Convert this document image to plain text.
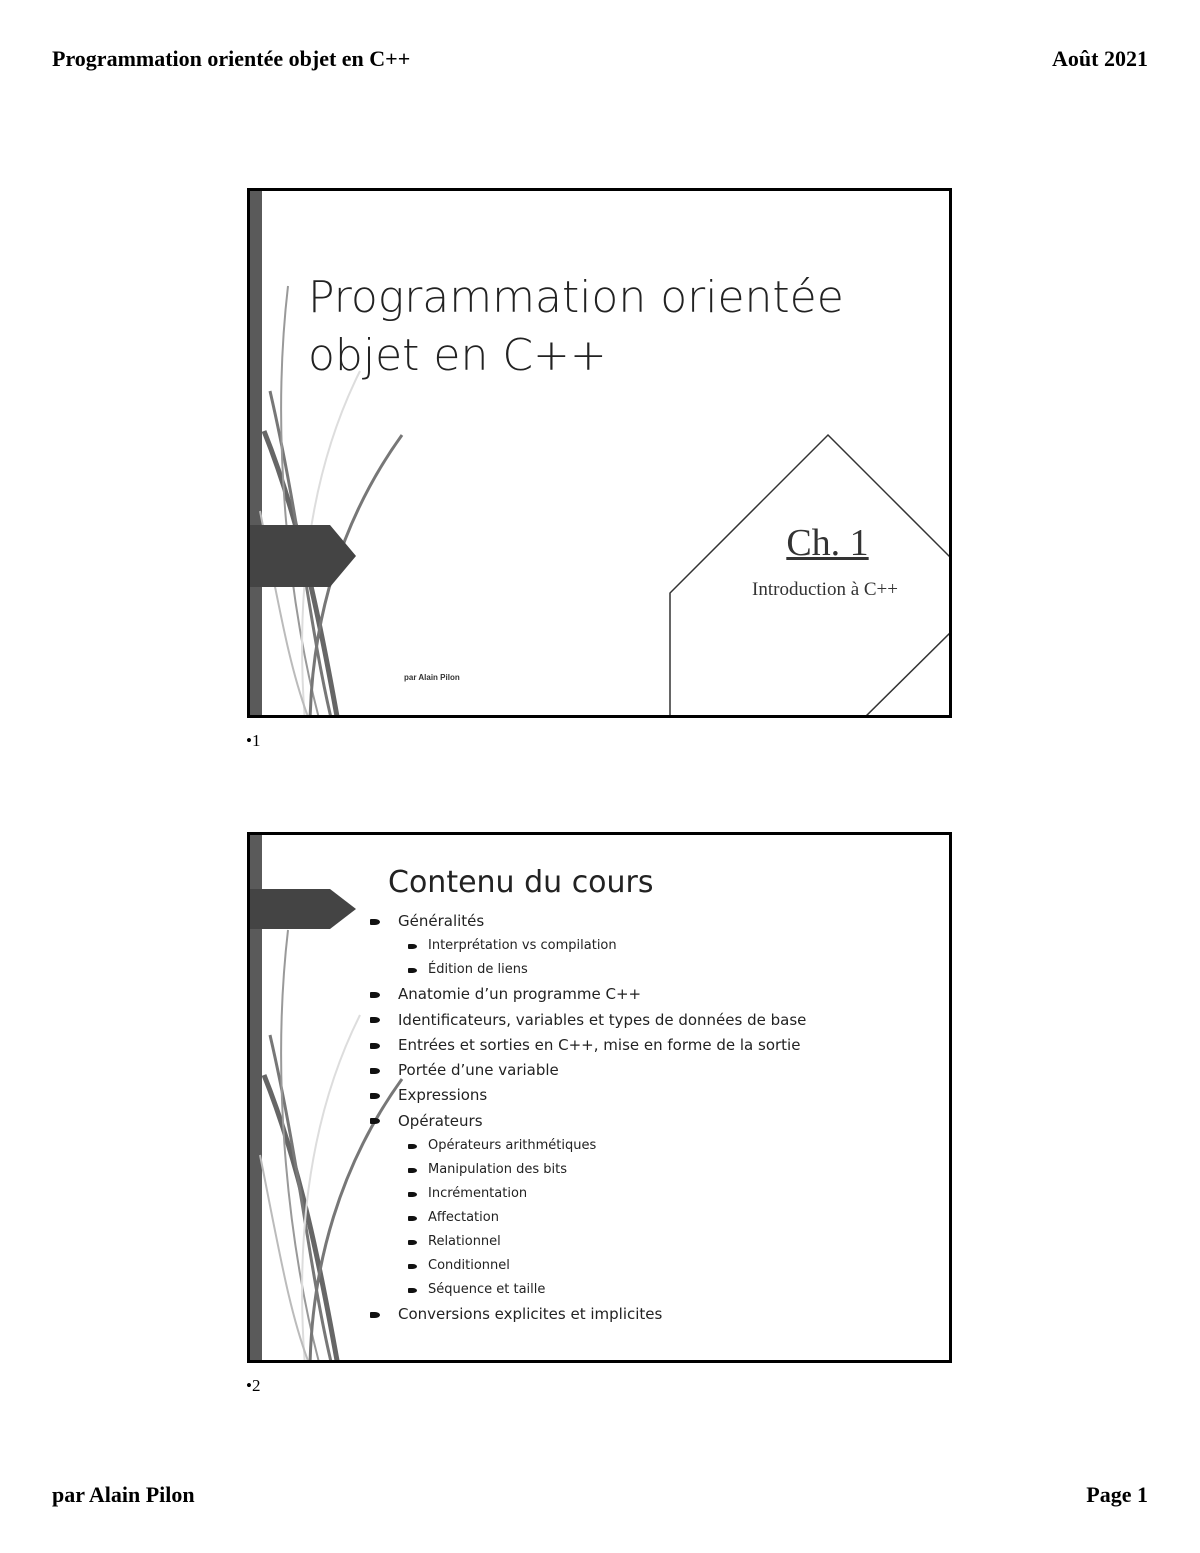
Programmation orientée objet en C++	Août 2021
Programmation orientée objet en C++
par Alain Pilon
Ch. 1
Introduction à C++
•1
Contenu du cours
Généralités
Interprétation vs compilation
Édition de liens
Anatomie d’un programme C++
Identificateurs, variables et types de données de base
Entrées et sorties en C++, mise en forme de la sortie
Portée d’une variable
Expressions
Opérateurs
Opérateurs arithmétiques
Manipulation des bits
Incrémentation
Affectation
Relationnel
Conditionnel
Séquence et taille
Conversions explicites et implicites
•2
par Alain Pilon	Page 1
